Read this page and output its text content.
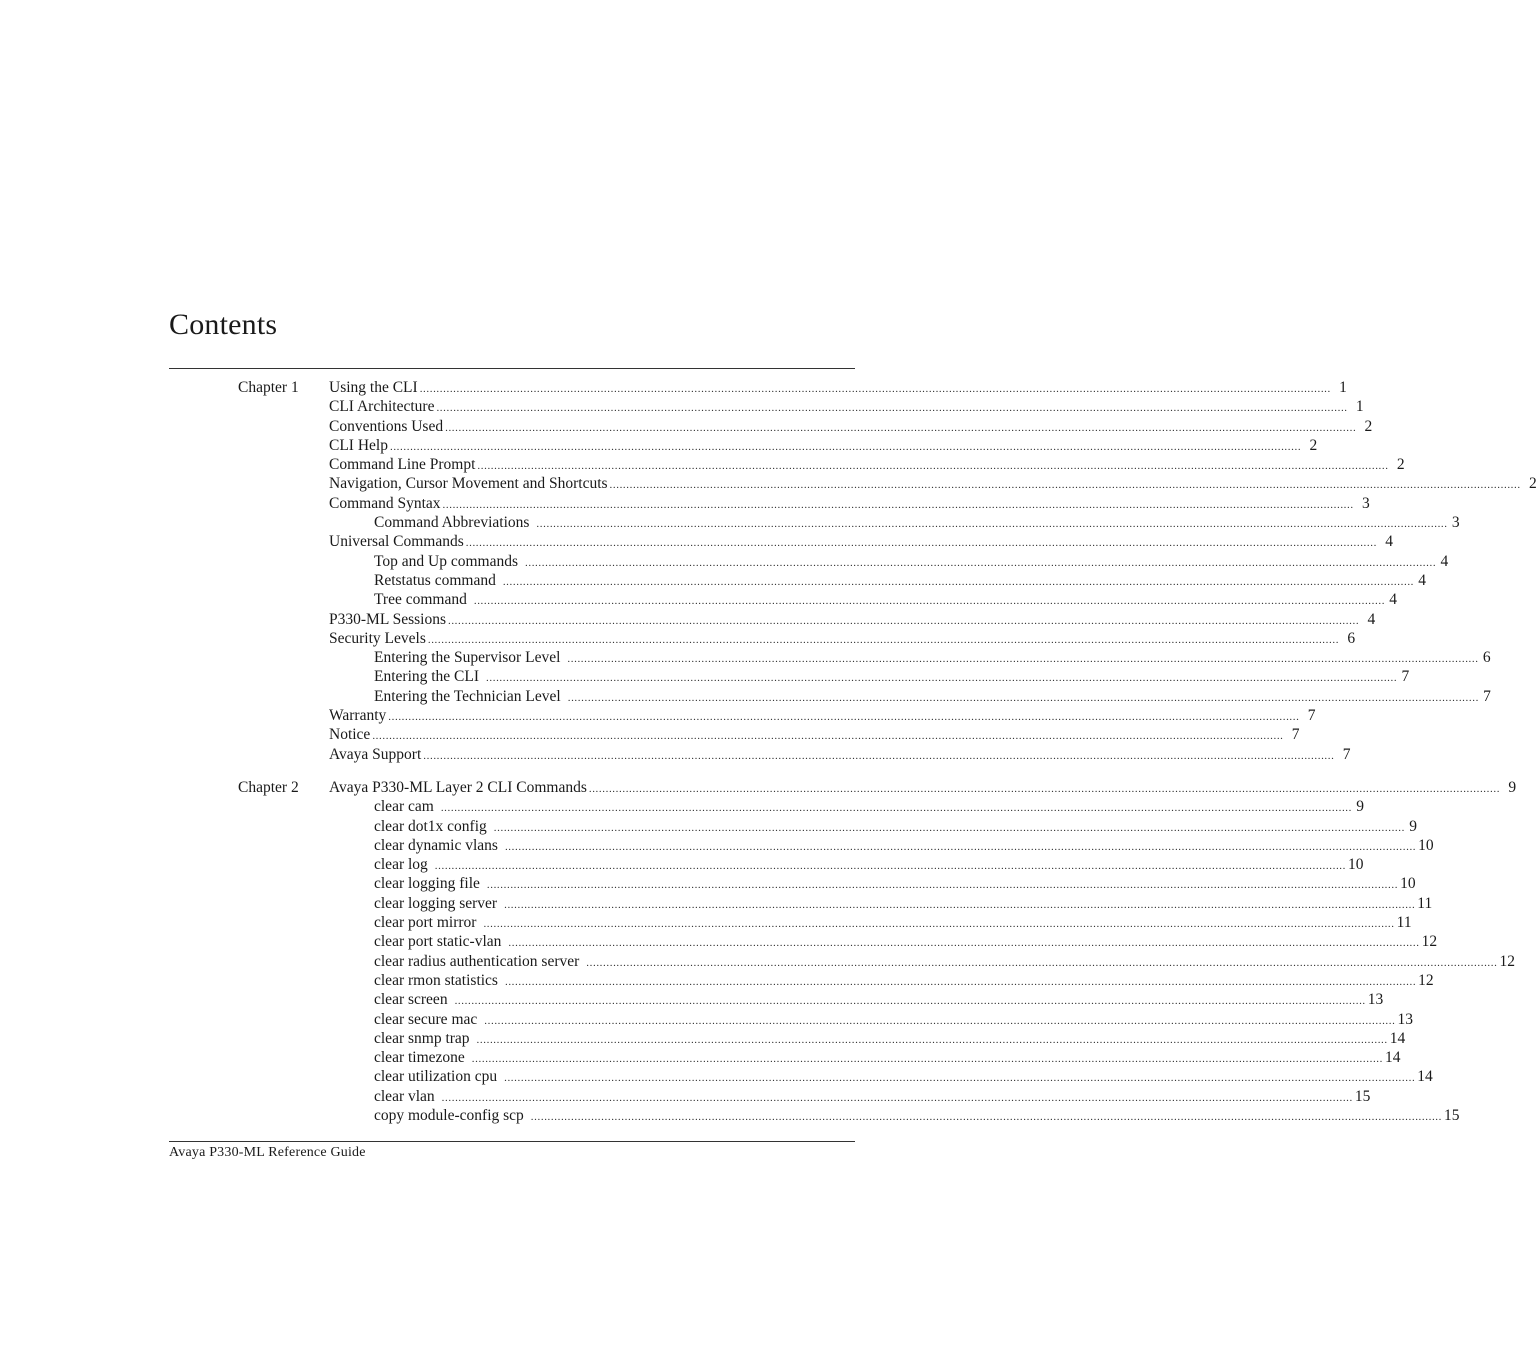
Contents
Chapter 1 Using the CLI ................................................................................................................................................................................................................................................................................ 1
CLI Architecture ................................................................................................................................................................................................................................................................................ 1
Conventions Used ................................................................................................................................................................................................................................................................................ 2
CLI Help ................................................................................................................................................................................................................................................................................ 2
Command Line Prompt ................................................................................................................................................................................................................................................................................ 2
Navigation, Cursor Movement and Shortcuts ................................................................................................................................................................................................................................................................................ 2
Command Syntax ................................................................................................................................................................................................................................................................................ 3
Command Abbreviations ................................................................................................................................................................................................................................................................................ 3
Universal Commands ................................................................................................................................................................................................................................................................................ 4
Top and Up commands ................................................................................................................................................................................................................................................................................ 4
Retstatus command ................................................................................................................................................................................................................................................................................ 4
Tree command ................................................................................................................................................................................................................................................................................ 4
P330-ML Sessions ................................................................................................................................................................................................................................................................................ 4
Security Levels ................................................................................................................................................................................................................................................................................ 6
Entering the Supervisor Level ................................................................................................................................................................................................................................................................................ 6
Entering the CLI ................................................................................................................................................................................................................................................................................ 7
Entering the Technician Level ................................................................................................................................................................................................................................................................................ 7
Warranty ................................................................................................................................................................................................................................................................................ 7
Notice ................................................................................................................................................................................................................................................................................ 7
Avaya Support ................................................................................................................................................................................................................................................................................ 7
Chapter 2 Avaya P330-ML Layer 2 CLI Commands ................................................................................................................................................................................................................................................................................ 9
clear cam ................................................................................................................................................................................................................................................................................ 9
clear dot1x config ................................................................................................................................................................................................................................................................................ 9
clear dynamic vlans ................................................................................................................................................................................................................................................................................ 10
clear log ................................................................................................................................................................................................................................................................................ 10
clear logging file ................................................................................................................................................................................................................................................................................ 10
clear logging server ................................................................................................................................................................................................................................................................................ 11
clear port mirror ................................................................................................................................................................................................................................................................................ 11
clear port static-vlan ................................................................................................................................................................................................................................................................................ 12
clear radius authentication server ................................................................................................................................................................................................................................................................................ 12
clear rmon statistics ................................................................................................................................................................................................................................................................................ 12
clear screen ................................................................................................................................................................................................................................................................................ 13
clear secure mac ................................................................................................................................................................................................................................................................................ 13
clear snmp trap ................................................................................................................................................................................................................................................................................ 14
clear timezone ................................................................................................................................................................................................................................................................................ 14
clear utilization cpu ................................................................................................................................................................................................................................................................................ 14
clear vlan ................................................................................................................................................................................................................................................................................ 15
copy module-config scp ................................................................................................................................................................................................................................................................................ 15
Avaya P330-ML Reference Guide
